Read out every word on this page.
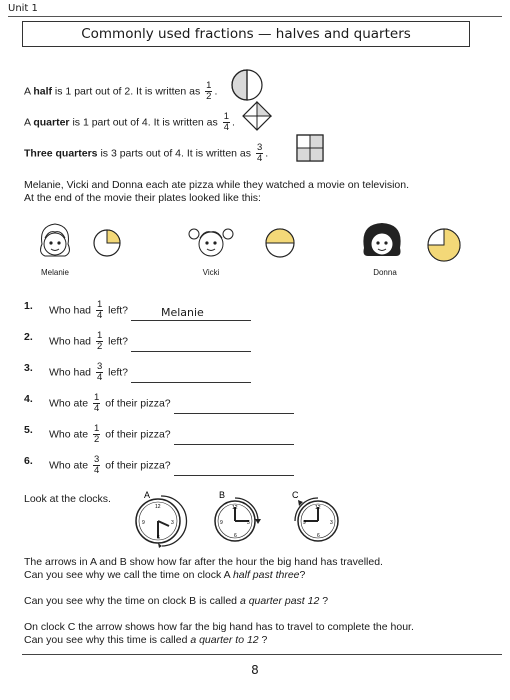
Unit 1
Commonly used fractions — halves and quarters
A half is 1 part out of 2. It is written as $\frac{1}{2}$ .
A quarter is 1 part out of 4. It is written as $\frac{1}{4}$ .
Three quarters is 3 parts out of 4. It is written as $\frac{3}{4}$ .
Melanie, Vicki and Donna each ate pizza while they watched a movie on television.
At the end of the movie their plates looked like this:
Melanie	Vicki	Donna
1. Who had $\frac{1}{4}$ left?	Melanie
2. Who had $\frac{1}{2}$ left?
3. Who had $\frac{3}{4}$ left?
4. Who ate $\frac{1}{4}$ of their pizza?
5. Who ate $\frac{1}{2}$ of their pizza?
6. Who ate $\frac{3}{4}$ of their pizza?
Look at the clocks.	A
12
3
6
9
B
12
3
6
9
C
12
3
6
9
The arrows in A and B show how far after the hour the big hand has travelled.
Can you see why we call the time on clock A half past three?
Can you see why the time on clock B is called a quarter past 12 ?
On clock C the arrow shows how far the big hand has to travel to complete the hour.
Can you see why this time is called a quarter to 12 ?
8
